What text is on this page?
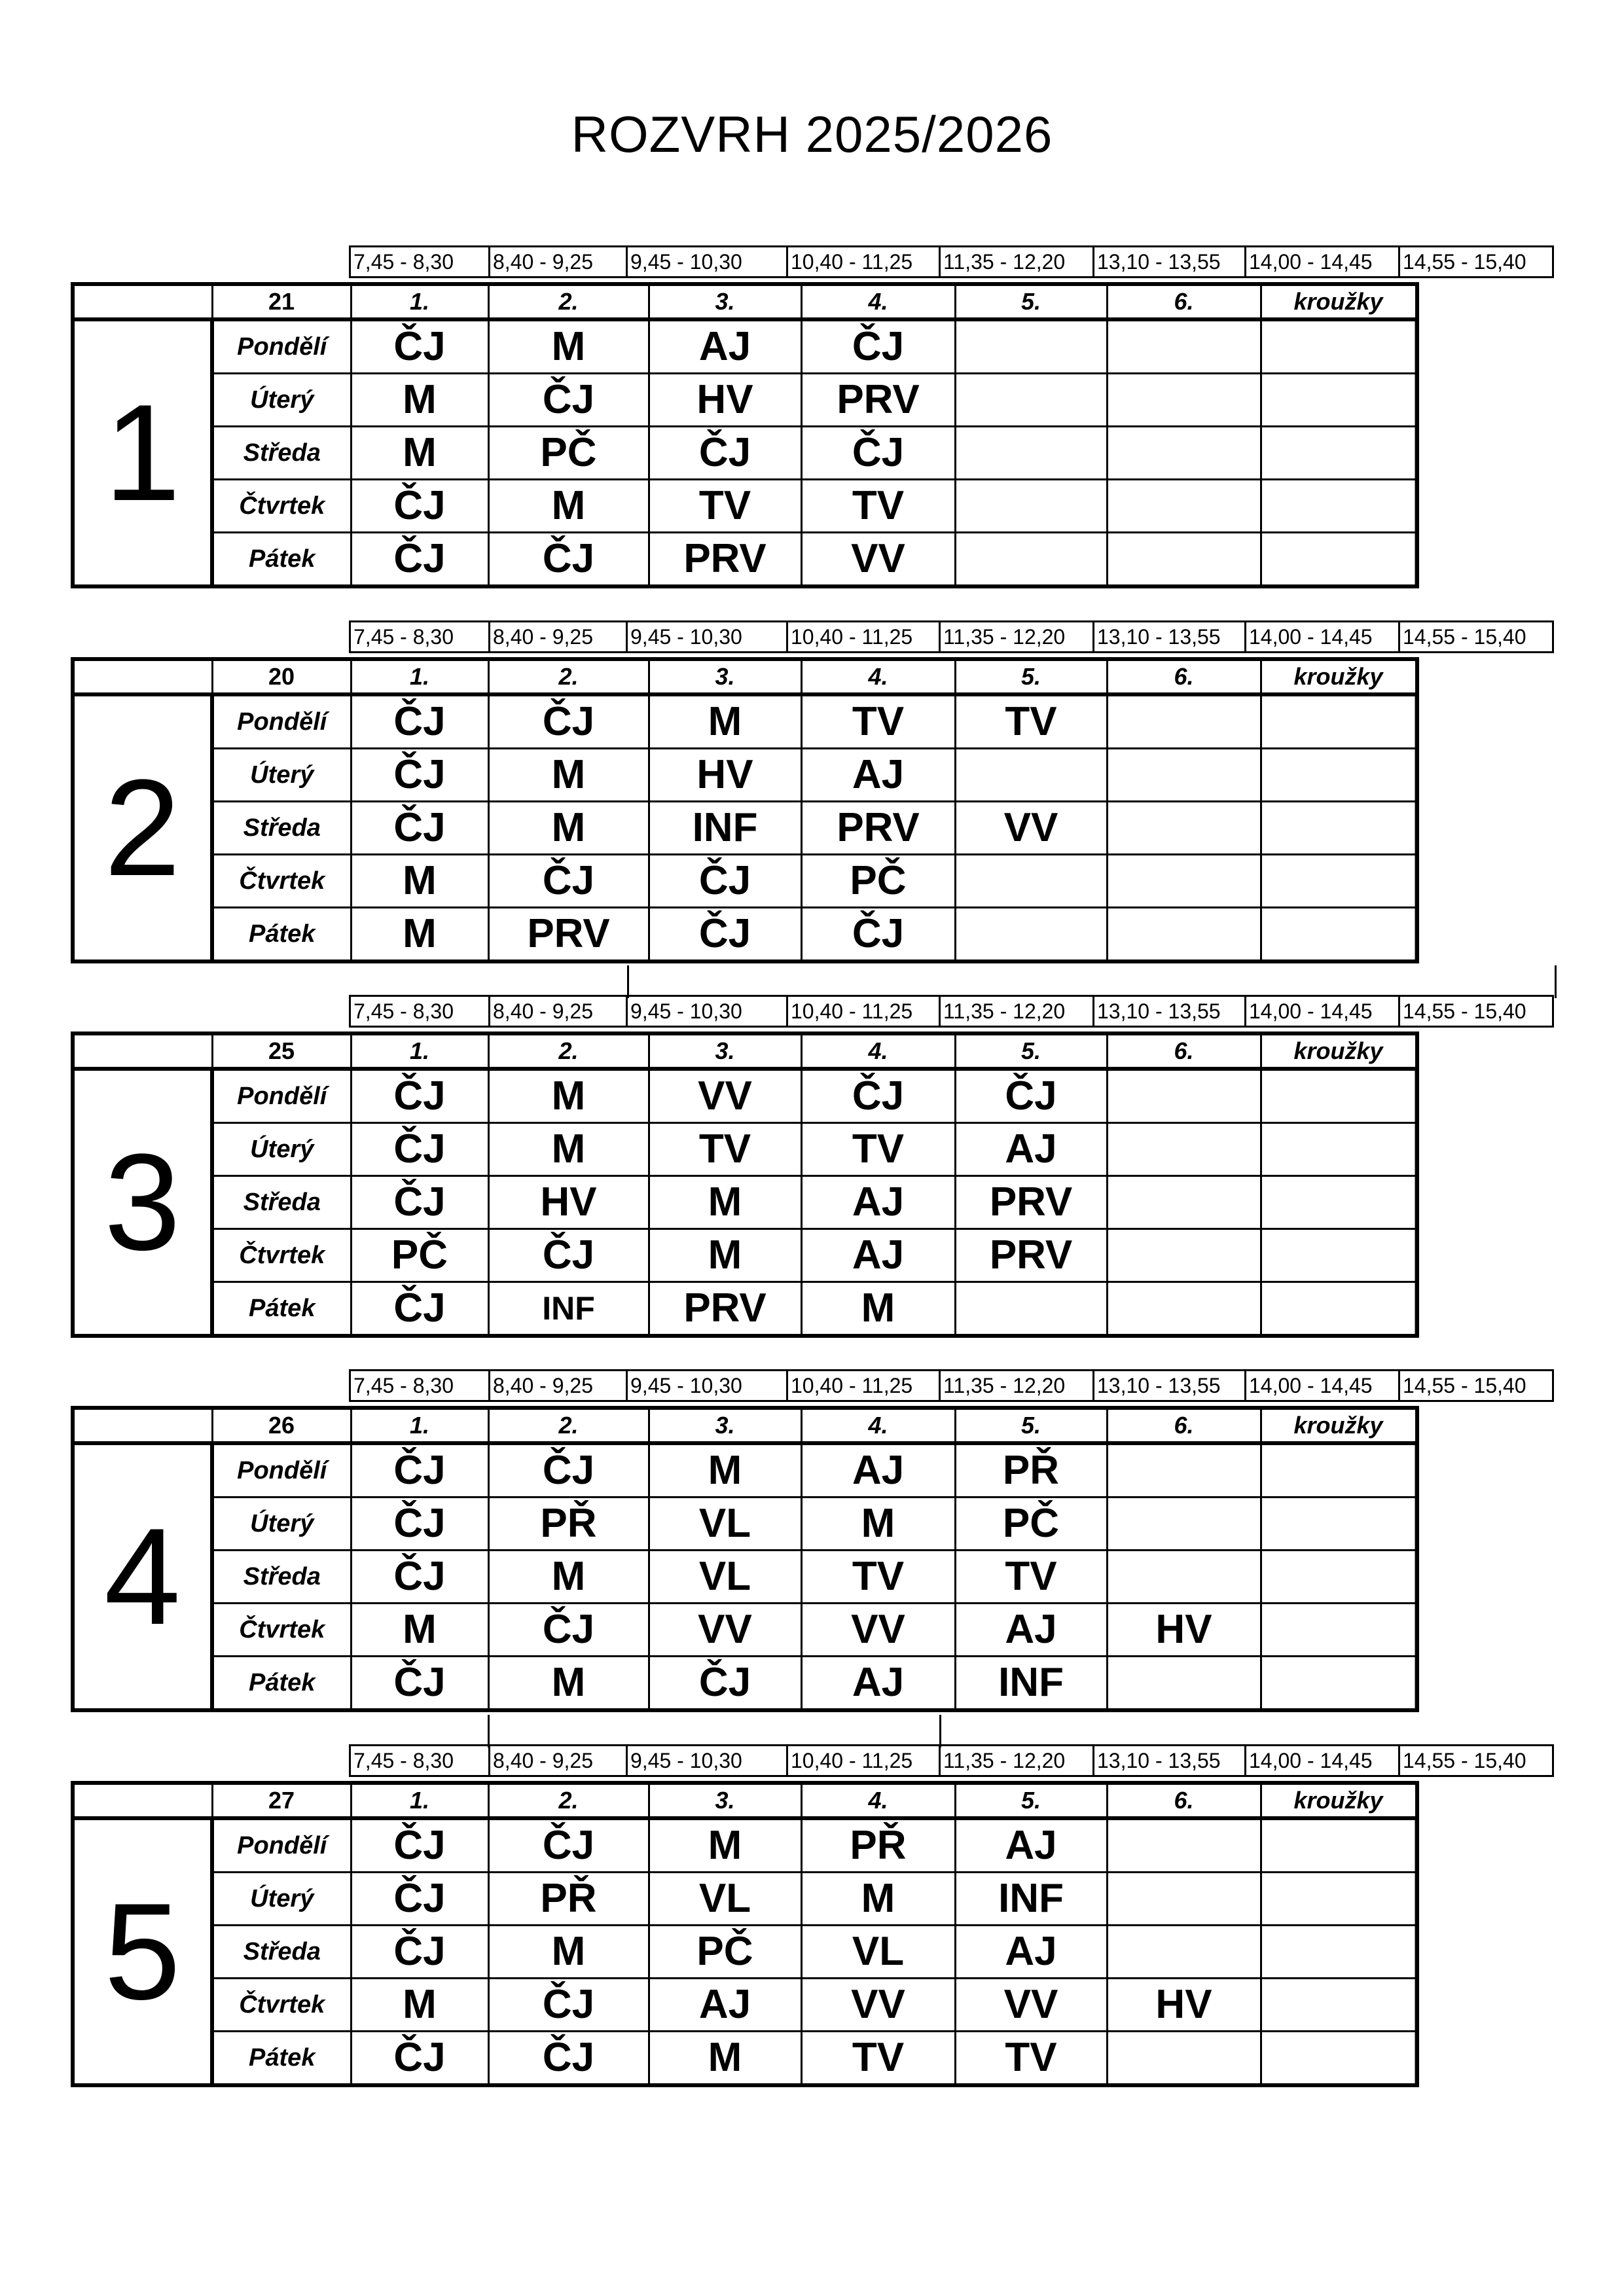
ROZVRH 2025/2026
7,45 - 8,30	8,40 - 9,25	9,45 - 10,30	10,40 - 11,25	11,35 - 12,20	13,10 - 13,55	14,00 - 14,45	14,55 - 15,40
	21	1.	2.	3.	4.	5.	6.	kroužky	
1	Pondělí	ČJ	M	AJ	ČJ				
	Úterý	M	ČJ	HV	PRV				
	Středa	M	PČ	ČJ	ČJ				
	Čtvrtek	ČJ	M	TV	TV				
	Pátek	ČJ	ČJ	PRV	VV				
7,45 - 8,30	8,40 - 9,25	9,45 - 10,30	10,40 - 11,25	11,35 - 12,20	13,10 - 13,55	14,00 - 14,45	14,55 - 15,40
	20	1.	2.	3.	4.	5.	6.	kroužky	
2	Pondělí	ČJ	ČJ	M	TV	TV			
	Úterý	ČJ	M	HV	AJ				
	Středa	ČJ	M	INF	PRV	VV			
	Čtvrtek	M	ČJ	ČJ	PČ				
	Pátek	M	PRV	ČJ	ČJ				
7,45 - 8,30	8,40 - 9,25	9,45 - 10,30	10,40 - 11,25	11,35 - 12,20	13,10 - 13,55	14,00 - 14,45	14,55 - 15,40
	25	1.	2.	3.	4.	5.	6.	kroužky	
3	Pondělí	ČJ	M	VV	ČJ	ČJ			
	Úterý	ČJ	M	TV	TV	AJ			
	Středa	ČJ	HV	M	AJ	PRV			
	Čtvrtek	PČ	ČJ	M	AJ	PRV			
	Pátek	ČJ	INF	PRV	M				
7,45 - 8,30	8,40 - 9,25	9,45 - 10,30	10,40 - 11,25	11,35 - 12,20	13,10 - 13,55	14,00 - 14,45	14,55 - 15,40
	26	1.	2.	3.	4.	5.	6.	kroužky	
4	Pondělí	ČJ	ČJ	M	AJ	PŘ			
	Úterý	ČJ	PŘ	VL	M	PČ			
	Středa	ČJ	M	VL	TV	TV			
	Čtvrtek	M	ČJ	VV	VV	AJ	HV		
	Pátek	ČJ	M	ČJ	AJ	INF			
7,45 - 8,30	8,40 - 9,25	9,45 - 10,30	10,40 - 11,25	11,35 - 12,20	13,10 - 13,55	14,00 - 14,45	14,55 - 15,40
	27	1.	2.	3.	4.	5.	6.	kroužky	
5	Pondělí	ČJ	ČJ	M	PŘ	AJ			
	Úterý	ČJ	PŘ	VL	M	INF			
	Středa	ČJ	M	PČ	VL	AJ			
	Čtvrtek	M	ČJ	AJ	VV	VV	HV		
	Pátek	ČJ	ČJ	M	TV	TV			
